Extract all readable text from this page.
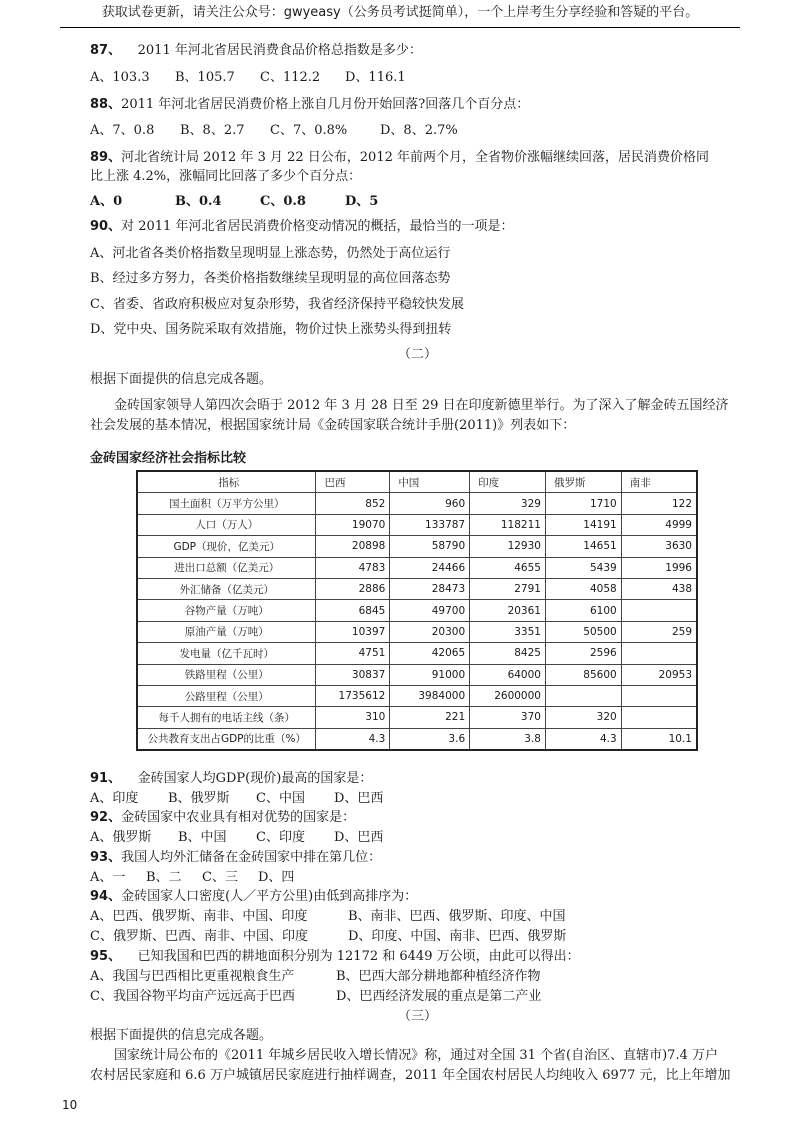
获取试卷更新，请关注公众号：gwyeasy（公务员考试挺简单），一个上岸考生分享经验和答疑的平台。
87、 2011 年河北省居民消费食品价格总指数是多少：
A、103.3 B、105.7 C、112.2 D、116.1
88、2011 年河北省居民消费价格上涨自几月份开始回落?回落几个百分点：
A、7、0.8 B、8、2.7 C、7、0.8%	D、8、2.7%
89、河北省统计局 2012 年 3 月 22 日公布，2012 年前两个月，全省物价涨幅继续回落，居民消费价格同
比上涨 4.2%，涨幅同比回落了多少个百分点：
A、0	B、0.4	C、0.8	D、5
90、对 2011 年河北省居民消费价格变动情况的概括，最恰当的一项是：
A、河北省各类价格指数呈现明显上涨态势，仍然处于高位运行
B、经过多方努力，各类价格指数继续呈现明显的高位回落态势
C、省委、省政府积极应对复杂形势，我省经济保持平稳较快发展
D、党中央、国务院采取有效措施，物价过快上涨势头得到扭转
（二）
根据下面提供的信息完成各题。
金砖国家领导人第四次会晤于 2012 年 3 月 28 日至 29 日在印度新德里举行。为了深入了解金砖五国经济
社会发展的基本情况，根据国家统计局《金砖国家联合统计手册(2011)》列表如下：
金砖国家经济社会指标比较
指标	巴西	中国	印度	俄罗斯	南非
国土面积（万平方公里）	852	960	329	1710	122
人口（万人）	19070	133787	118211	14191	4999
GDP（现价，亿美元）	20898	58790	12930	14651	3630
进出口总额（亿美元）	4783	24466	4655	5439	1996
外汇储备（亿美元）	2886	28473	2791	4058	438
谷物产量（万吨）	6845	49700	20361	6100	
原油产量（万吨）	10397	20300	3351	50500	259
发电量（亿千瓦时）	4751	42065	8425	2596	
铁路里程（公里）	30837	91000	64000	85600	20953
公路里程（公里）	1735612	3984000	2600000		
每千人拥有的电话主线（条）	310	221	370	320	
公共教育支出占GDP的比重（%）	4.3	3.6	3.8	4.3	10.1
91、 金砖国家人均GDP(现价)最高的国家是：
A、印度 B、俄罗斯 C、中国 D、巴西
92、金砖国家中农业具有相对优势的国家是：
A、俄罗斯 B、中国 C、印度 D、巴西
93、我国人均外汇储备在金砖国家中排在第几位：
A、一 B、二 C、三 D、四
94、金砖国家人口密度(人／平方公里)由低到高排序为：
A、巴西、俄罗斯、南非、中国、印度	B、南非、巴西、俄罗斯、印度、中国
C、俄罗斯、巴西、南非、中国、印度	D、印度、中国、南非、巴西、俄罗斯
95、 已知我国和巴西的耕地面积分别为 12172 和 6449 万公顷，由此可以得出：
A、我国与巴西相比更重视粮食生产	B、巴西大部分耕地都种植经济作物
C、我国谷物平均亩产远远高于巴西	D、巴西经济发展的重点是第二产业
（三）
根据下面提供的信息完成各题。
国家统计局公布的《2011 年城乡居民收入增长情况》称，通过对全国 31 个省(自治区、直辖市)7.4 万户
农村居民家庭和 6.6 万户城镇居民家庭进行抽样调查，2011 年全国农村居民人均纯收入 6977 元，比上年增加
10
